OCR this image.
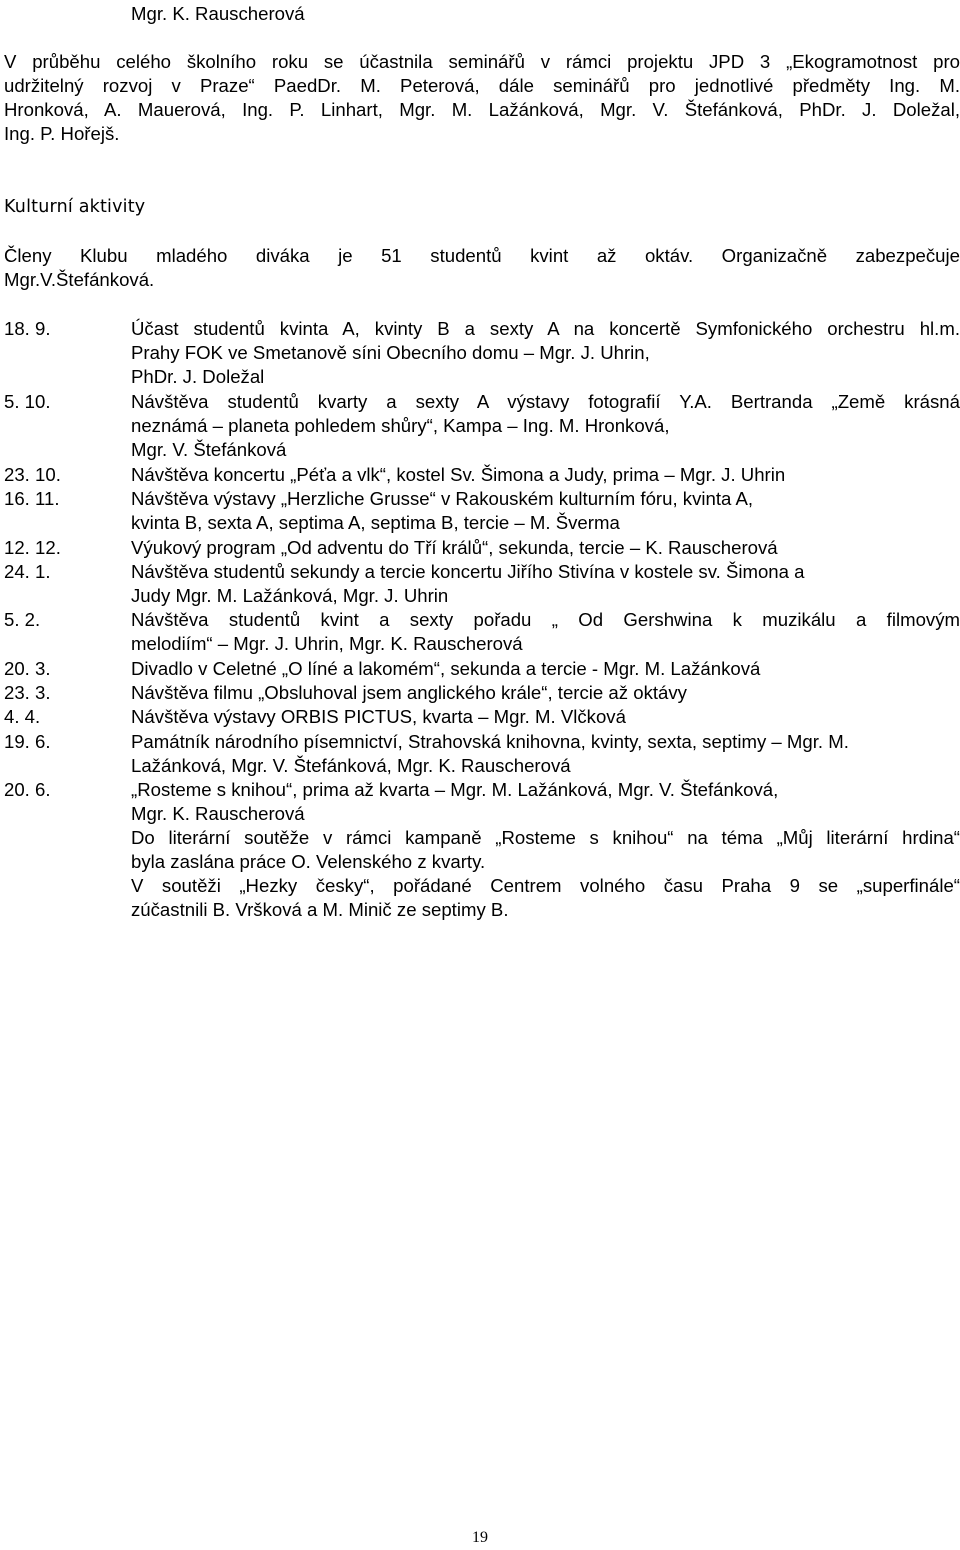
Mgr. K. Rauscherová
V průběhu celého školního roku se účastnila seminářů v rámci projektu JPD 3 „Ekogramotnost pro
udržitelný rozvoj v Praze“ PaedDr. M. Peterová, dále seminářů pro jednotlivé předměty Ing. M.
Hronková, A. Mauerová, Ing. P. Linhart, Mgr. M. Lažánková, Mgr. V. Štefánková, PhDr. J. Doležal,
Ing. P. Hořejš.
Kulturní aktivity
Členy Klubu mladého diváka je 51 studentů kvint až oktáv. Organizačně zabezpečuje
Mgr.V.Štefánková.
18. 9.	Účast studentů kvinta A, kvinty B a sexty A na koncertě Symfonického orchestru hl.m.
Prahy FOK ve Smetanově síni Obecního domu – Mgr. J. Uhrin,
PhDr. J. Doležal
5. 10.	Návštěva studentů kvarty a sexty A výstavy fotografií Y.A. Bertranda „Země krásná
neznámá – planeta pohledem shůry“, Kampa – Ing. M. Hronková,
Mgr. V. Štefánková
23. 10.	Návštěva koncertu „Péťa a vlk“, kostel Sv. Šimona a Judy, prima – Mgr. J. Uhrin
16. 11.	Návštěva výstavy „Herzliche Grusse“ v Rakouském kulturním fóru, kvinta A,
kvinta B, sexta A, septima A, septima B, tercie – M. Šverma
12. 12.	Výukový program „Od adventu do Tří králů“, sekunda, tercie – K. Rauscherová
24. 1.	Návštěva studentů sekundy a tercie koncertu Jiřího Stivína v kostele sv. Šimona a
Judy Mgr. M. Lažánková, Mgr. J. Uhrin
5. 2.	Návštěva studentů kvint a sexty pořadu „ Od Gershwina k muzikálu a filmovým
melodiím“ – Mgr. J. Uhrin, Mgr. K. Rauscherová
20. 3.	Divadlo v Celetné „O líné a lakomém“, sekunda a tercie - Mgr. M. Lažánková
23. 3.	Návštěva filmu „Obsluhoval jsem anglického krále“, tercie až oktávy
4. 4.	Návštěva výstavy ORBIS PICTUS, kvarta – Mgr. M. Vlčková
19. 6.	Památník národního písemnictví, Strahovská knihovna, kvinty, sexta, septimy – Mgr. M.
Lažánková, Mgr. V. Štefánková, Mgr. K. Rauscherová
20. 6.	„Rosteme s knihou“, prima až kvarta – Mgr. M. Lažánková, Mgr. V. Štefánková,
Mgr. K. Rauscherová
Do literární soutěže v rámci kampaně „Rosteme s knihou“ na téma „Můj literární hrdina“
byla zaslána práce O. Velenského z kvarty.
V soutěži „Hezky česky“, pořádané Centrem volného času Praha 9 se „superfinále“
zúčastnili B. Vršková a M. Minič ze septimy B.
19
